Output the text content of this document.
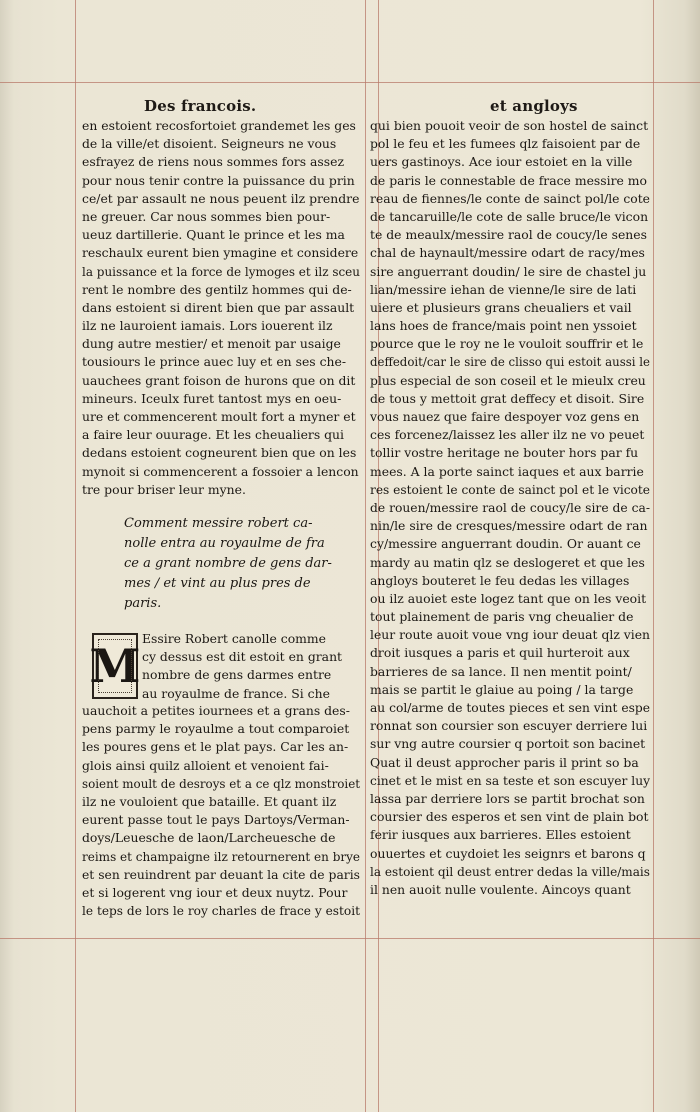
Des francois.	et angloys
en estoient recosfortoiet grandemet les ges
de la ville/et disoient. Seigneurs ne vous
esfrayez de riens nous sommes fors assez
pour nous tenir contre la puissance du prin
ce/et par assault ne nous peuent ilz prendre
ne greuer. Car nous sommes bien pour-
ueuz dartillerie. Quant le prince et les ma
reschaulx eurent bien ymagine et considere
la puissance et la force de lymoges et ilz sceu
rent le nombre des gentilz hommes qui de-
dans estoient si dirent bien que par assault
ilz ne lauroient iamais. Lors iouerent ilz
dung autre mestier/ et menoit par usaige
tousiours le prince auec luy et en ses che-
uauchees grant foison de hurons que on dit
mineurs. Iceulx furet tantost mys en oeu-
ure et commencerent moult fort a myner et
a faire leur ouurage. Et les cheualiers qui
dedans estoient cogneurent bien que on les
mynoit si commencerent a fossoier a lencon
tre pour briser leur myne.
Comment messire robert ca-
nolle entra au royaulme de fra
ce a grant nombre de gens dar-
mes / et vint au plus pres de
paris.
M
Essire Robert canolle comme
cy dessus est dit estoit en grant
nombre de gens darmes entre
au royaulme de france. Si che
uauchoit a petites iournees et a grans des-
pens parmy le royaulme a tout comparoiet
les poures gens et le plat pays. Car les an-
glois ainsi quilz alloient et venoient fai-
soient moult de desroys et a ce qlz monstroiet
ilz ne vouloient que bataille. Et quant ilz
eurent passe tout le pays Dartoys/Verman-
doys/Leuesche de laon/Larcheuesche de
reims et champaigne ilz retournerent en brye
et sen reuindrent par deuant la cite de paris
et si logerent vng iour et deux nuytz. Pour
le teps de lors le roy charles de frace y estoit
qui bien pouoit veoir de son hostel de sainct
pol le feu et les fumees qlz faisoient par de
uers gastinoys. Ace iour estoiet en la ville
de paris le connestable de frace messire mo
reau de fiennes/le conte de sainct pol/le cote
de tancaruille/le cote de salle bruce/le vicon
te de meaulx/messire raol de coucy/le senes
chal de haynault/messire odart de racy/mes
sire anguerrant doudin/ le sire de chastel ju
lian/messire iehan de vienne/le sire de lati
uiere et plusieurs grans cheualiers et vail
lans hoes de france/mais point nen yssoiet
pource que le roy ne le vouloit souffrir et le
deffedoit/car le sire de clisso qui estoit aussi le
plus especial de son coseil et le mieulx creu
de tous y mettoit grat deffecy et disoit. Sire
vous nauez que faire despoyer voz gens en
ces forcenez/laissez les aller ilz ne vo peuet
tollir vostre heritage ne bouter hors par fu
mees. A la porte sainct iaques et aux barrie
res estoient le conte de sainct pol et le vicote
de rouen/messire raol de coucy/le sire de ca-
nin/le sire de cresques/messire odart de ran
cy/messire anguerrant doudin. Or auant ce
mardy au matin qlz se deslogeret et que les
angloys bouteret le feu dedas les villages
ou ilz auoiet este logez tant que on les veoit
tout plainement de paris vng cheualier de
leur route auoit voue vng iour deuat qlz vien
droit iusques a paris et quil hurteroit aux
barrieres de sa lance. Il nen mentit point/
mais se partit le glaiue au poing / la targe
au col/arme de toutes pieces et sen vint espe
ronnat son coursier son escuyer derriere lui
sur vng autre coursier q portoit son bacinet
Quat il deust approcher paris il print so ba
cinet et le mist en sa teste et son escuyer luy
lassa par derriere lors se partit brochat son
coursier des esperos et sen vint de plain bot
ferir iusques aux barrieres. Elles estoient
ouuertes et cuydoiet les seignrs et barons q
la estoient qil deust entrer dedas la ville/mais
il nen auoit nulle voulente. Aincoys quant
